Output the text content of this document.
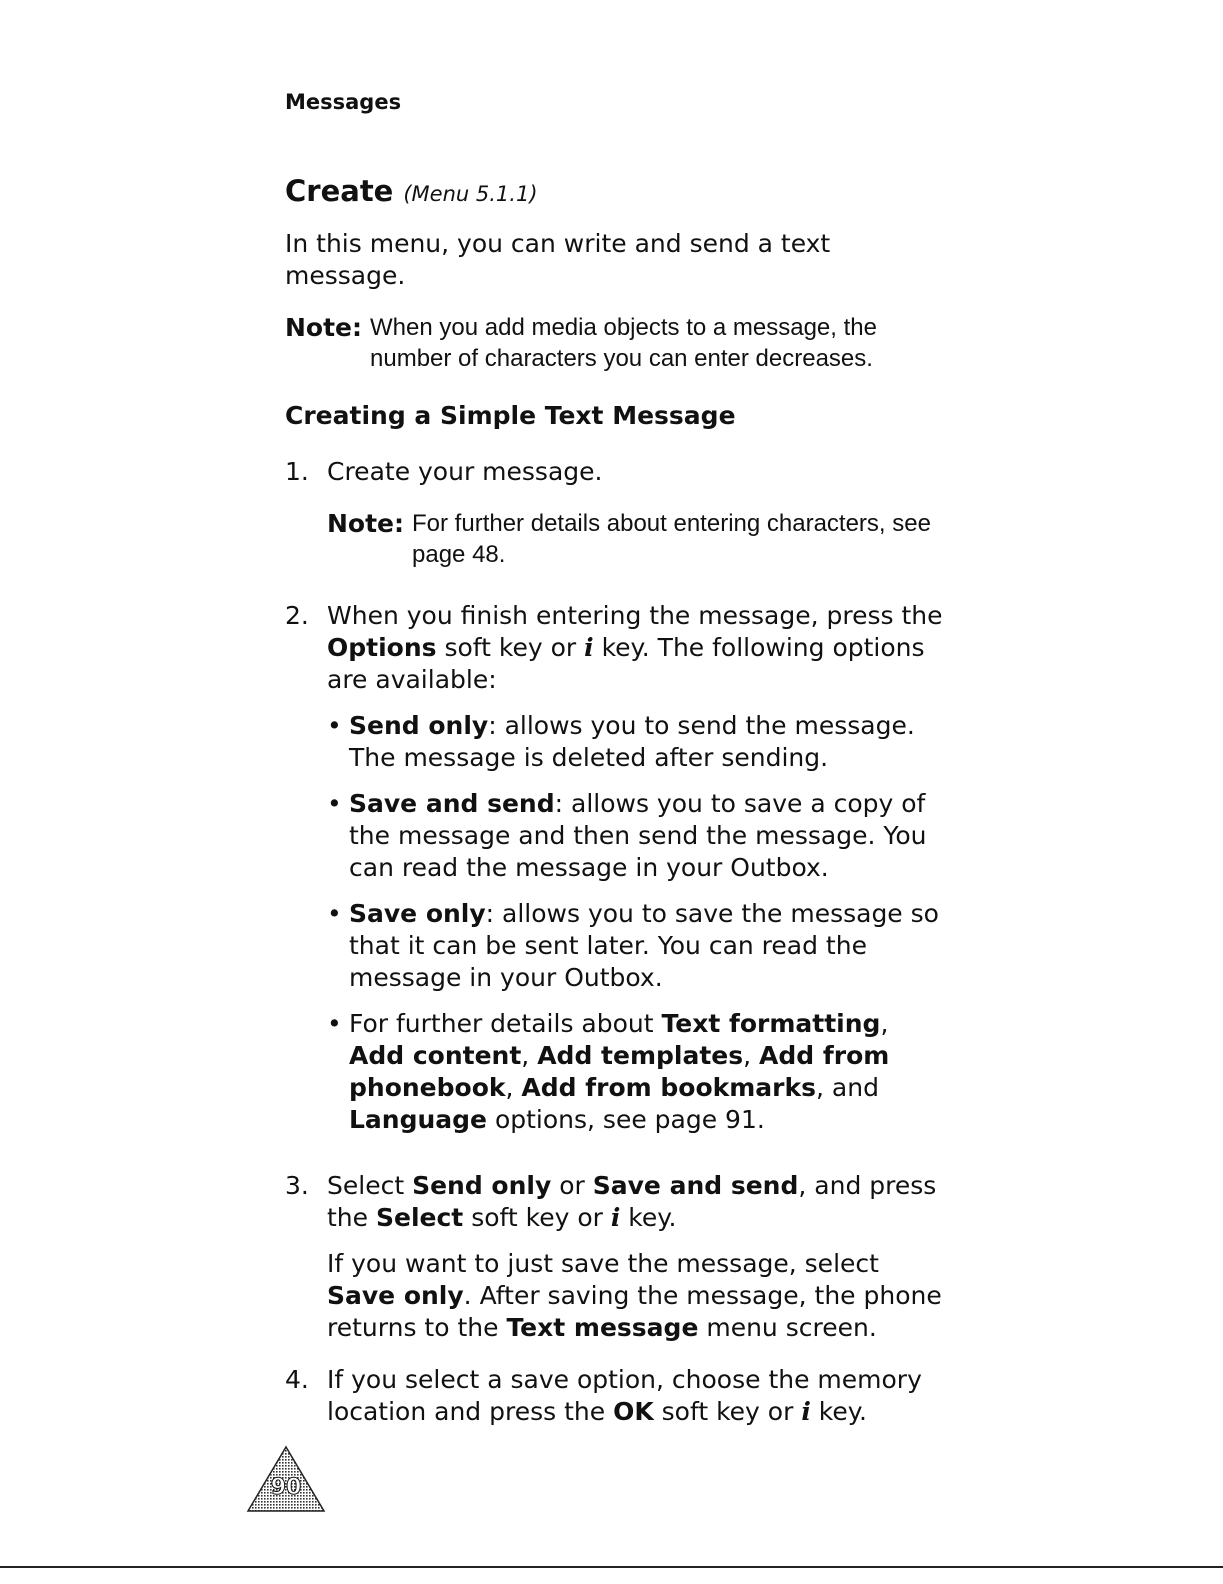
Messages
Create (Menu 5.1.1)

In this menu, you can write and send a text message.

Note: When you add media objects to a message, the number of characters you can enter decreases.
Creating a Simple Text Message
1. Create your message.

Note: For further details about entering characters, see page 48.
2. When you finish entering the message, press the Options soft key or i key. The following options are available:

• Send only: allows you to send the message. The message is deleted after sending.
• Save and send: allows you to save a copy of the message and then send the message. You can read the message in your Outbox.
• Save only: allows you to save the message so that it can be sent later. You can read the message in your Outbox.
• For further details about Text formatting, Add content, Add templates, Add from phonebook, Add from bookmarks, and Language options, see page 91.
3. Select Send only or Save and send, and press the Select soft key or i key.

If you want to just save the message, select Save only. After saving the message, the phone returns to the Text message menu screen.

4. If you select a save option, choose the memory location and press the OK soft key or i key.

90
